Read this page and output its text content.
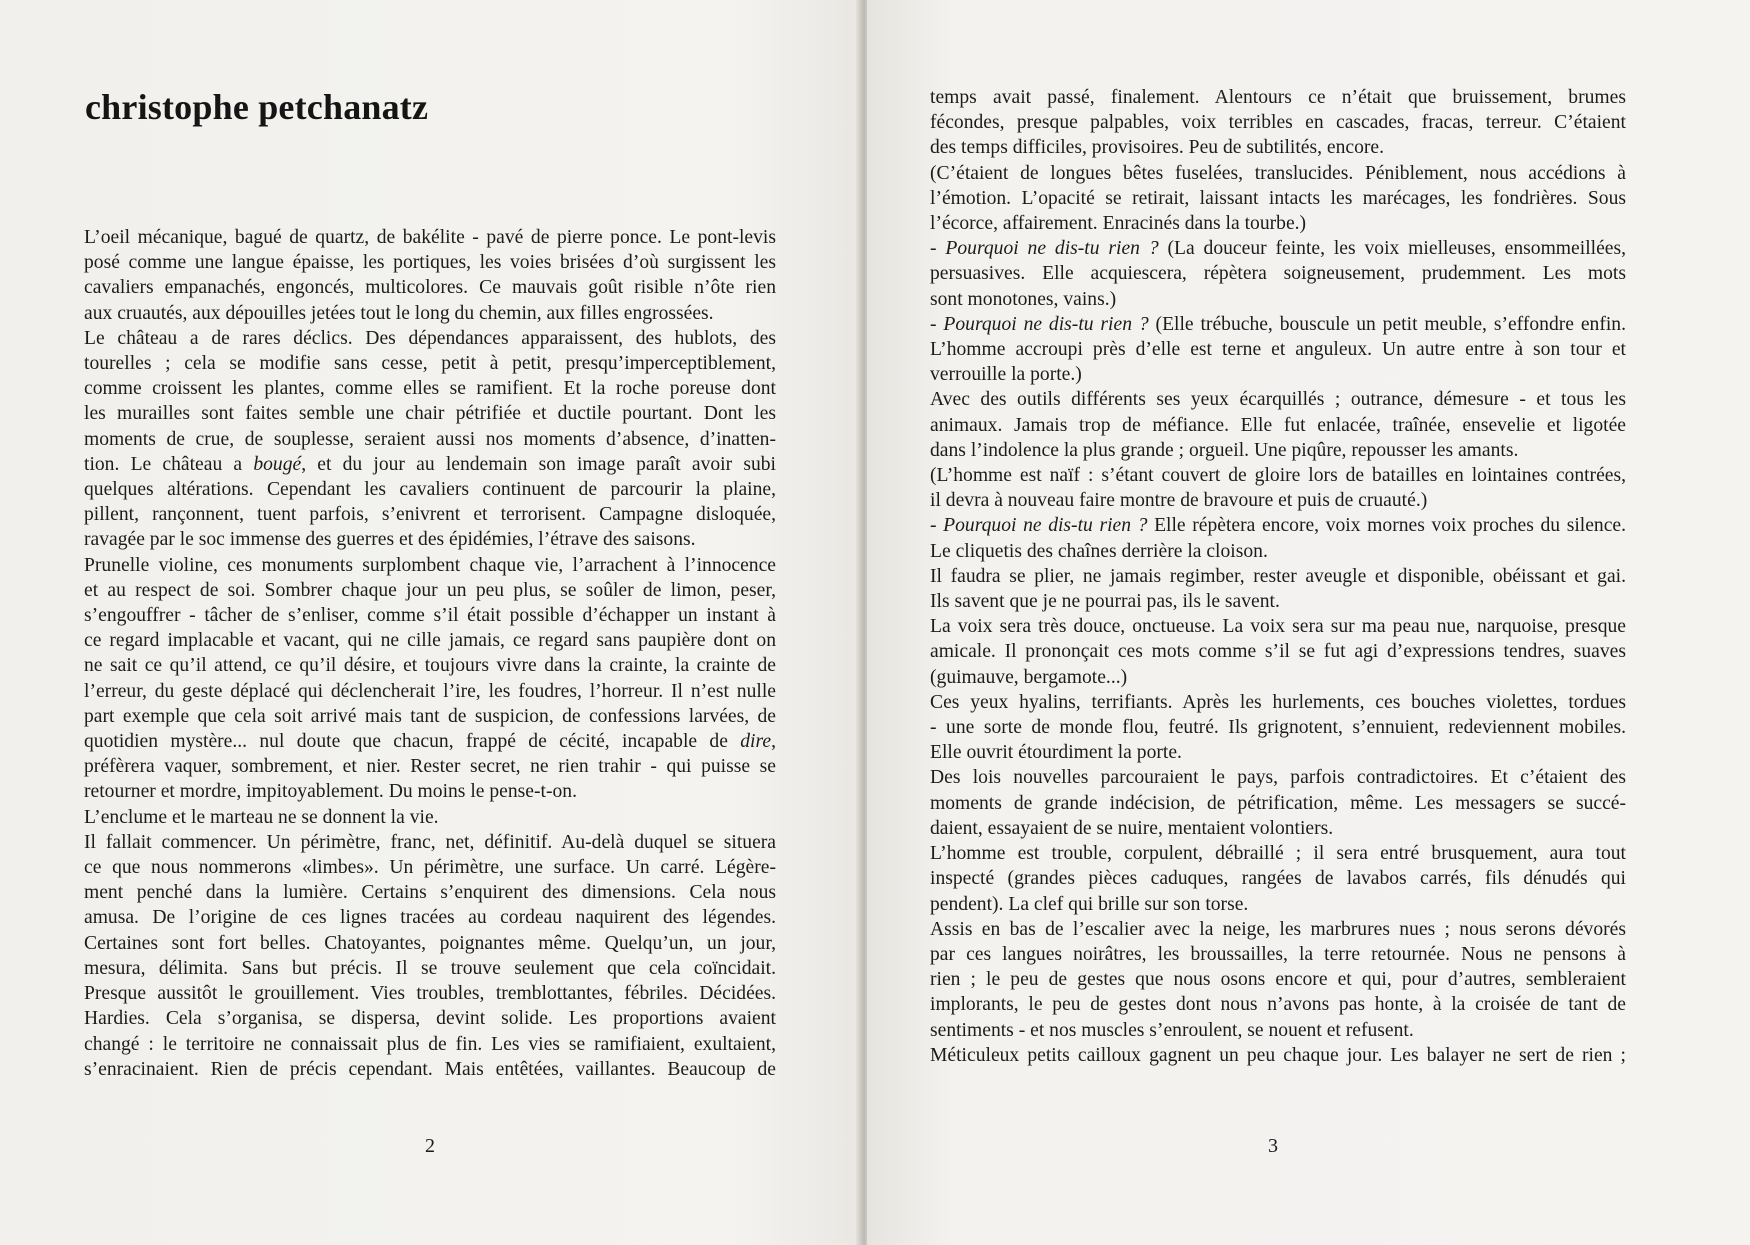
christophe petchanatz
L’oeil mécanique, bagué de quartz, de bakélite - pavé de pierre ponce. Le pont-levis
posé comme une langue épaisse, les portiques, les voies brisées d’où surgissent les
cavaliers empanachés, engoncés, multicolores. Ce mauvais goût risible n’ôte rien
aux cruautés, aux dépouilles jetées tout le long du chemin, aux filles engrossées.
Le château a de rares déclics. Des dépendances apparaissent, des hublots, des
tourelles ; cela se modifie sans cesse, petit à petit, presqu’imperceptiblement,
comme croissent les plantes, comme elles se ramifient. Et la roche poreuse dont
les murailles sont faites semble une chair pétrifiée et ductile pourtant. Dont les
moments de crue, de souplesse, seraient aussi nos moments d’absence, d’inatten-
tion. Le château a bougé, et du jour au lendemain son image paraît avoir subi
quelques altérations. Cependant les cavaliers continuent de parcourir la plaine,
pillent, rançonnent, tuent parfois, s’enivrent et terrorisent. Campagne disloquée,
ravagée par le soc immense des guerres et des épidémies, l’étrave des saisons.
Prunelle violine, ces monuments surplombent chaque vie, l’arrachent à l’innocence
et au respect de soi. Sombrer chaque jour un peu plus, se soûler de limon, peser,
s’engouffrer - tâcher de s’enliser, comme s’il était possible d’échapper un instant à
ce regard implacable et vacant, qui ne cille jamais, ce regard sans paupière dont on
ne sait ce qu’il attend, ce qu’il désire, et toujours vivre dans la crainte, la crainte de
l’erreur, du geste déplacé qui déclencherait l’ire, les foudres, l’horreur. Il n’est nulle
part exemple que cela soit arrivé mais tant de suspicion, de confessions larvées, de
quotidien mystère... nul doute que chacun, frappé de cécité, incapable de dire,
préfèrera vaquer, sombrement, et nier. Rester secret, ne rien trahir - qui puisse se
retourner et mordre, impitoyablement. Du moins le pense-t-on.
L’enclume et le marteau ne se donnent la vie.
Il fallait commencer. Un périmètre, franc, net, définitif. Au-delà duquel se situera
ce que nous nommerons «limbes». Un périmètre, une surface. Un carré. Légère-
ment penché dans la lumière. Certains s’enquirent des dimensions. Cela nous
amusa. De l’origine de ces lignes tracées au cordeau naquirent des légendes.
Certaines sont fort belles. Chatoyantes, poignantes même. Quelqu’un, un jour,
mesura, délimita. Sans but précis. Il se trouve seulement que cela coïncidait.
Presque aussitôt le grouillement. Vies troubles, tremblottantes, fébriles. Décidées.
Hardies. Cela s’organisa, se dispersa, devint solide. Les proportions avaient
changé : le territoire ne connaissait plus de fin. Les vies se ramifiaient, exultaient,
s’enracinaient. Rien de précis cependant. Mais entêtées, vaillantes. Beaucoup de
2
temps avait passé, finalement. Alentours ce n’était que bruissement, brumes
fécondes, presque palpables, voix terribles en cascades, fracas, terreur. C’étaient
des temps difficiles, provisoires. Peu de subtilités, encore.
(C’étaient de longues bêtes fuselées, translucides. Péniblement, nous accédions à
l’émotion. L’opacité se retirait, laissant intacts les marécages, les fondrières. Sous
l’écorce, affairement. Enracinés dans la tourbe.)
- Pourquoi ne dis-tu rien ? (La douceur feinte, les voix mielleuses, ensommeillées,
persuasives. Elle acquiescera, répètera soigneusement, prudemment. Les mots
sont monotones, vains.)
- Pourquoi ne dis-tu rien ? (Elle trébuche, bouscule un petit meuble, s’effondre enfin.
L’homme accroupi près d’elle est terne et anguleux. Un autre entre à son tour et
verrouille la porte.)
Avec des outils différents ses yeux écarquillés ; outrance, démesure - et tous les
animaux. Jamais trop de méfiance. Elle fut enlacée, traînée, ensevelie et ligotée
dans l’indolence la plus grande ; orgueil. Une piqûre, repousser les amants.
(L’homme est naïf : s’étant couvert de gloire lors de batailles en lointaines contrées,
il devra à nouveau faire montre de bravoure et puis de cruauté.)
- Pourquoi ne dis-tu rien ? Elle répètera encore, voix mornes voix proches du silence.
Le cliquetis des chaînes derrière la cloison.
Il faudra se plier, ne jamais regimber, rester aveugle et disponible, obéissant et gai.
Ils savent que je ne pourrai pas, ils le savent.
La voix sera très douce, onctueuse. La voix sera sur ma peau nue, narquoise, presque
amicale. Il prononçait ces mots comme s’il se fut agi d’expressions tendres, suaves
(guimauve, bergamote...)
Ces yeux hyalins, terrifiants. Après les hurlements, ces bouches violettes, tordues
- une sorte de monde flou, feutré. Ils grignotent, s’ennuient, redeviennent mobiles.
Elle ouvrit étourdiment la porte.
Des lois nouvelles parcouraient le pays, parfois contradictoires. Et c’étaient des
moments de grande indécision, de pétrification, même. Les messagers se succé-
daient, essayaient de se nuire, mentaient volontiers.
L’homme est trouble, corpulent, débraillé ; il sera entré brusquement, aura tout
inspecté (grandes pièces caduques, rangées de lavabos carrés, fils dénudés qui
pendent). La clef qui brille sur son torse.
Assis en bas de l’escalier avec la neige, les marbrures nues ; nous serons dévorés
par ces langues noirâtres, les broussailles, la terre retournée. Nous ne pensons à
rien ; le peu de gestes que nous osons encore et qui, pour d’autres, sembleraient
implorants, le peu de gestes dont nous n’avons pas honte, à la croisée de tant de
sentiments - et nos muscles s’enroulent, se nouent et refusent.
Méticuleux petits cailloux gagnent un peu chaque jour. Les balayer ne sert de rien ;
3
